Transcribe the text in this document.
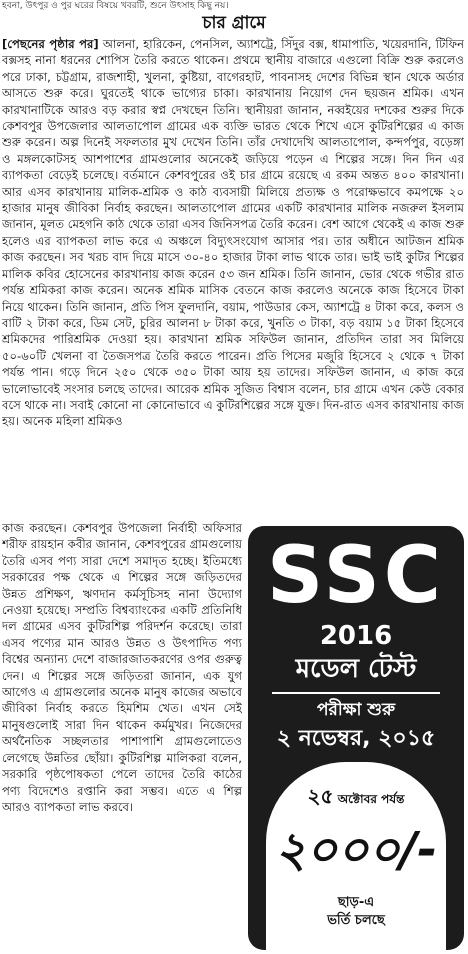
হবনা, উৎপুর ও পুর ঘরের বিষয়ে খবরটি, শুনে উৎসাহ কিছু নয়।
চার গ্রামে

[পেছনের পৃষ্ঠার পর] আলনা, হারিকেন, পেনসিল, অ্যাশট্রে, সিঁদুর বক্স, ধামাপাতি, খয়েরদানি, টিফিন বক্সসহ নানা ধরনের শোপিস তৈরি করতে থাকেন। প্রথমে স্থানীয় বাজারে এগুলো বিক্রি শুরু করলেও পরে ঢাকা, চট্টগ্রাম, রাজশাহী, খুলনা, কুষ্টিয়া, বাগেরহাট, পাবনাসহ দেশের বিভিন্ন স্থান থেকে অর্ডার আসতে শুরু করে। ঘুরতেই থাকে ভাগ্যের চাকা। কারখানায় নিয়োগ দেন ছয়জন শ্রমিক। এখন কারখানাটিকে আরও বড় করার স্বপ্ন দেখছেন তিনি। স্থানীয়রা জানান, নব্বইয়ের দশকের শুরুর দিকে কেশবপুর উপজেলার আলতাপোল গ্রামের এক ব্যক্তি ভারত থেকে শিখে এসে কুটিরশিল্পের এ কাজ শুরু করেন। অল্প দিনেই সফলতার মুখ দেখেন তিনি। তাঁর দেখাদেখি আলতাপোল, কন্দর্পপুর, বড়েঙ্গা ও মঙ্গলকোটসহ আশপাশের গ্রামগুলোর অনেকেই জড়িয়ে পড়েন এ শিল্পের সঙ্গে। দিন দিন এর ব্যাপকতা বেড়েই চলেছে। বর্তমানে কেশবপুরের ওই চার গ্রামে রয়েছে এ রকম অন্তত ৪০০ কারখানা। আর এসব কারখানায় মালিক-শ্রমিক ও কাঠ ব্যবসায়ী মিলিয়ে প্রত্যক্ষ ও পরোক্ষভাবে কমপক্ষে ২০ হাজার মানুষ জীবিকা নির্বাহ করছেন। আলতাপোল গ্রামের একটি কারখানার মালিক নজরুল ইসলাম জানান, মূলত মেহগনি কাঠ থেকে তারা এসব জিনিসপত্র তৈরি করেন। বেশ আগে থেকেই এ কাজ শুরু হলেও এর ব্যাপকতা লাভ করে এ অঞ্চলে বিদ্যুৎসংযোগ আসার পর। তার অধীনে আটজন শ্রমিক কাজ করছেন। সব খরচ বাদ দিয়ে মাসে ৩০-৪০ হাজার টাকা লাভ থাকে তার। ভাই ভাই কুটির শিল্পের মালিক কবির হোসেনের কারখানায় কাজ করেন ৫৩ জন শ্রমিক। তিনি জানান, ভোর থেকে গভীর রাত পর্যন্ত শ্রমিকরা কাজ করেন। অনেক শ্রমিক মাসিক বেতনে কাজ করলেও অনেকে কাজ হিসেবে টাকা নিয়ে থাকেন। তিনি জানান, প্রতি পিস ফুলদানি, বয়াম, পাউডার কেস, অ্যাশট্রে ৪ টাকা করে, কলস ও বাটি ২ টাকা করে, ডিম সেট, চুরির আলনা ৮ টাকা করে, খুনতি ৩ টাকা, বড় বয়াম ১৫ টাকা হিসেবে শ্রমিকদের পারিশ্রমিক দেওয়া হয়। কারখানা শ্রমিক সফিউল জানান, প্রতিদিন তারা সব মিলিয়ে ৫০-৬০টি খেলনা বা তৈজসপত্র তৈরি করতে পারেন। প্রতি পিসের মজুরি হিসেবে ২ থেকে ৭ টাকা পর্যন্ত পান। গড়ে দিনে ২৫০ থেকে ৩৫০ টাকা আয় হয় তাদের। সফিউল জানান, এ কাজ করে ভালোভাবেই সংসার চলছে তাদের। আরেক শ্রমিক সুজিত বিশ্বাস বলেন, চার গ্রামে এখন কেউ বেকার বসে থাকে না। সবাই কোনো না কোনোভাবে এ কুটিরশিল্পের সঙ্গে যুক্ত। দিন-রাত এসব কারখানায় কাজ হয়। অনেক মহিলা শ্রমিকও

কাজ করছেন। কেশবপুর উপজেলা নির্বাহী অফিসার শরীফ রায়হান কবীর জানান, কেশবপুরের গ্রামগুলোয় তৈরি এসব পণ্য সারা দেশে সমাদৃত হচ্ছে। ইতিমধ্যে সরকারের পক্ষ থেকে এ শিল্পের সঙ্গে জড়িতদের উন্নত প্রশিক্ষণ, ঋণদান কর্মসূচিসহ নানা উদ্যোগ নেওয়া হয়েছে। সম্প্রতি বিশ্বব্যাংকের একটি প্রতিনিধি দল গ্রামের এসব কুটিরশিল্প পরিদর্শন করেছে। তারা এসব পণ্যের মান আরও উন্নত ও উৎপাদিত পণ্য বিশ্বের অন্যান্য দেশে বাজারজাতকরণের ওপর গুরুত্ব দেন। এ শিল্পের সঙ্গে জড়িতরা জানান, এক যুগ আগেও এ গ্রামগুলোর অনেক মানুষ কাজের অভাবে জীবিকা নির্বাহ করতে হিমশিম খেত। এখন সেই মানুষগুলোই সারা দিন থাকেন কর্মমুখর। নিজেদের অর্থনৈতিক সচ্ছলতার পাশাপাশি গ্রামগুলোতেও লেগেছে উন্নতির ছোঁয়া। কুটিরশিল্প মালিকরা বলেন, সরকারি পৃষ্ঠপোষকতা পেলে তাদের তৈরি কাঠের পণ্য বিদেশেও রপ্তানি করা সম্ভব। এতে এ শিল্প আরও ব্যাপকতা লাভ করবে।

SSC
2016
মডেল টেস্ট
পরীক্ষা শুরু
২ নভেম্বর, ২০১৫
২৫ অক্টোবর পর্যন্ত
২০০০/-
ছাড়-এ
ভর্তি চলছে
